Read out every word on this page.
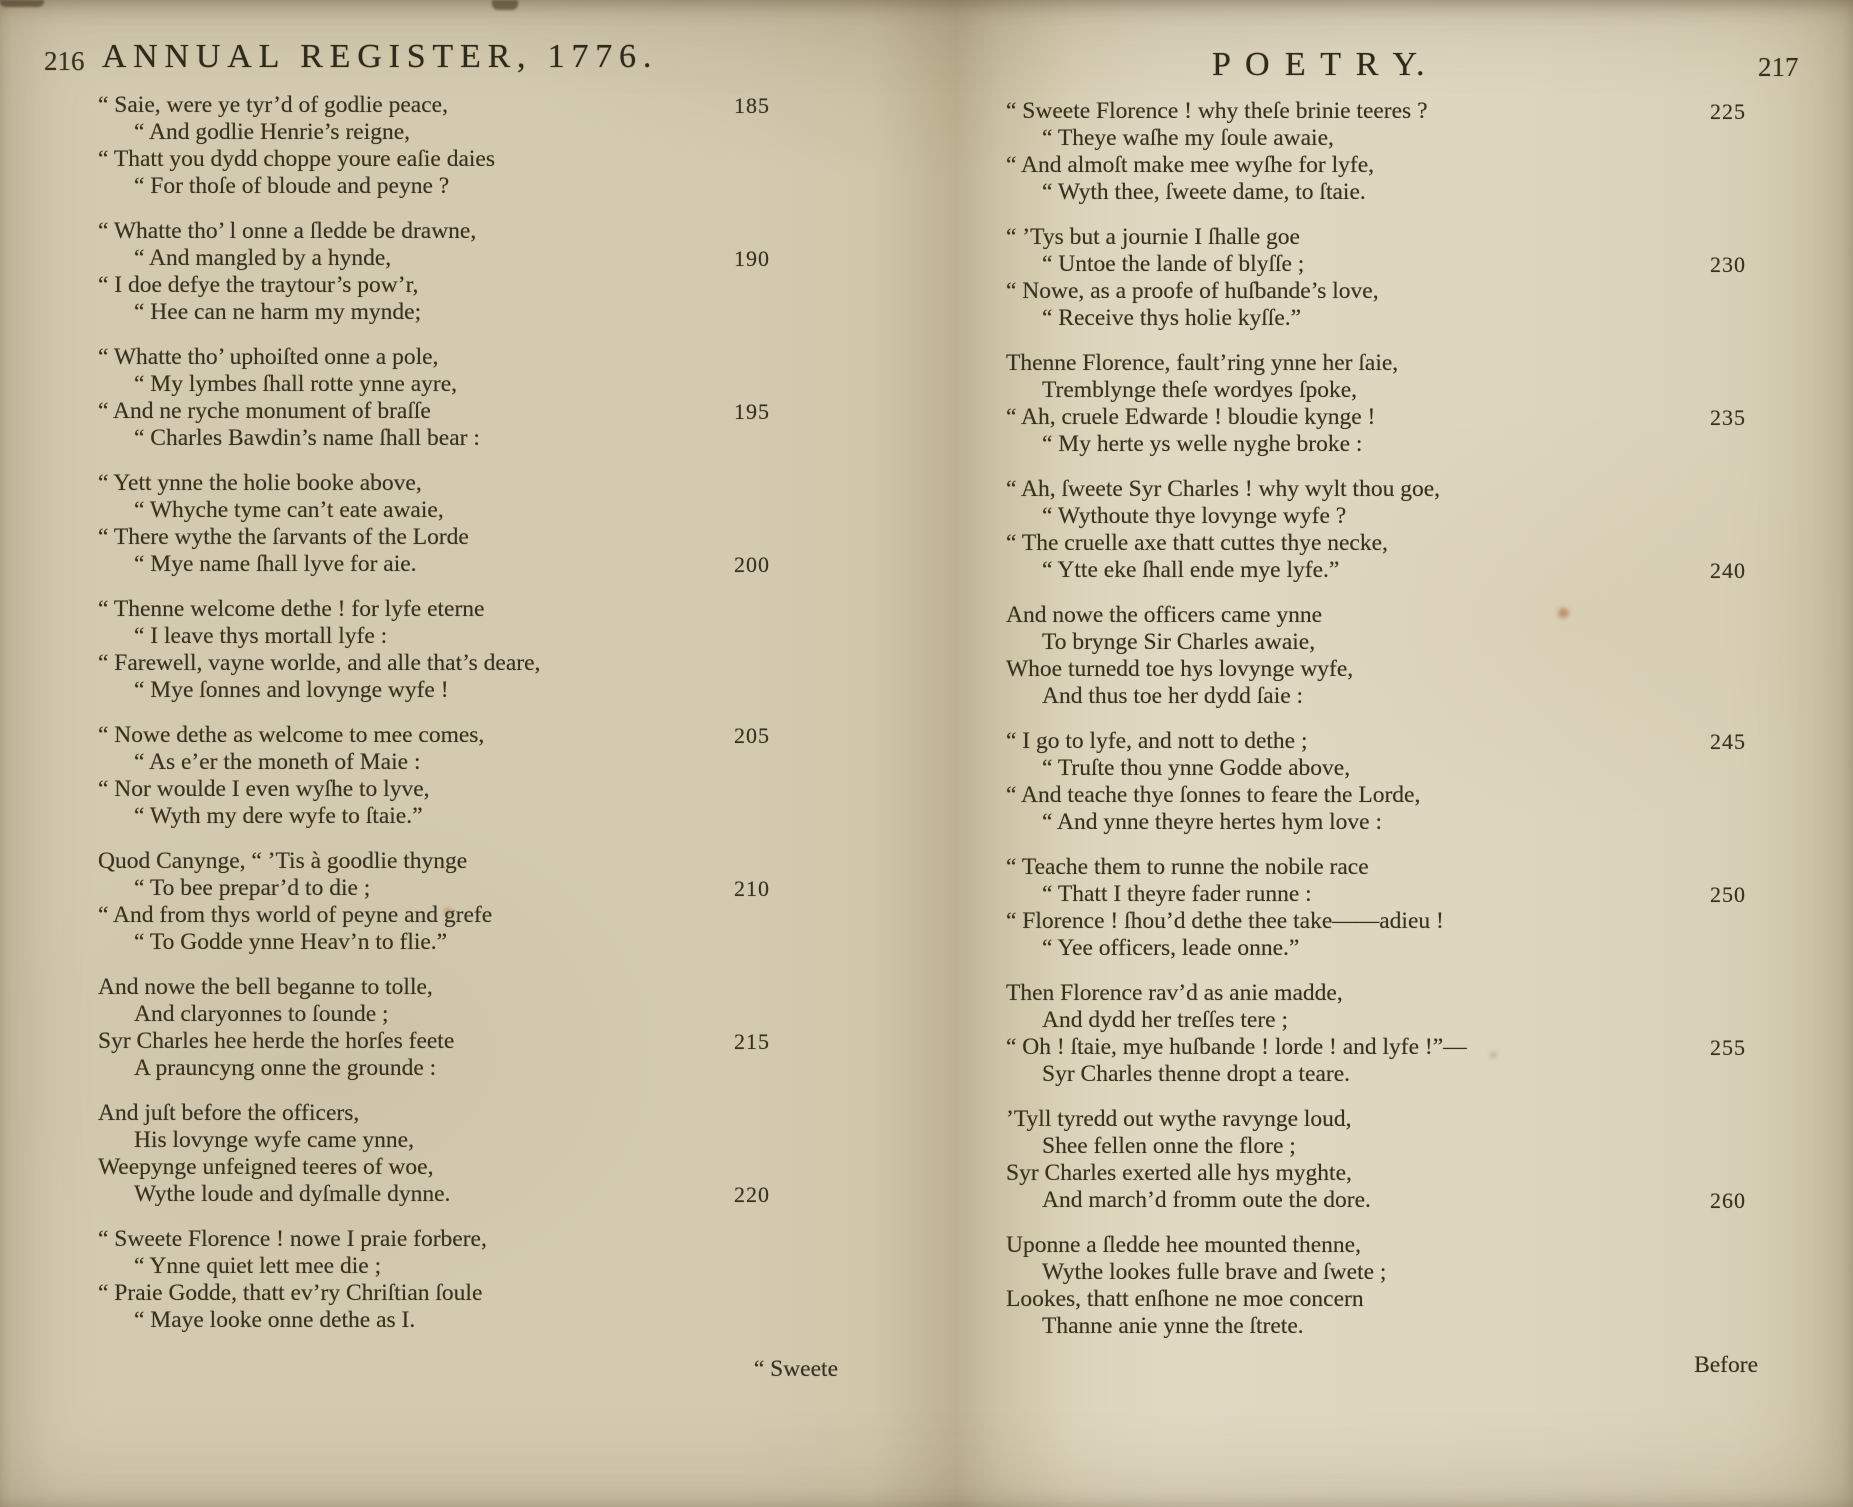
216 ANNUAL REGISTER, 1776.
“ Saie, were ye tyr’d of godlie peace,	185
“ And godlie Henrie’s reigne,
“ Thatt you dydd choppe youre eaſie daies
“ For thoſe of bloude and peyne ?
“ Whatte tho’ l onne a ſledde be drawne,
“ And mangled by a hynde,	190
“ I doe defye the traytour’s pow’r,
“ Hee can ne harm my mynde;
“ Whatte tho’ uphoiſted onne a pole,
“ My lymbes ſhall rotte ynne ayre,
“ And ne ryche monument of braſſe	195
“ Charles Bawdin’s name ſhall bear :
“ Yett ynne the holie booke above,
“ Whyche tyme can’t eate awaie,
“ There wythe the ſarvants of the Lorde
“ Mye name ſhall lyve for aie.	200
“ Thenne welcome dethe ! for lyfe eterne
“ I leave thys mortall lyfe :
“ Farewell, vayne worlde, and alle that’s deare,
“ Mye ſonnes and lovynge wyfe !
“ Nowe dethe as welcome to mee comes,	205
“ As e’er the moneth of Maie :
“ Nor woulde I even wyſhe to lyve,
“ Wyth my dere wyfe to ſtaie.”
Quod Canynge, “ ’Tis à goodlie thynge
“ To bee prepar’d to die ;	210
“ And from thys world of peyne and grefe
“ To Godde ynne Heav’n to flie.”
And nowe the bell beganne to tolle,
And claryonnes to ſounde ;
Syr Charles hee herde the horſes feete	215
A prauncyng onne the grounde :
And juſt before the officers,
His lovynge wyfe came ynne,
Weepynge unfeigned teeres of woe,
Wythe loude and dyſmalle dynne.	220
“ Sweete Florence ! nowe I praie forbere,
“ Ynne quiet lett mee die ;
“ Praie Godde, thatt ev’ry Chriſtian ſoule
“ Maye looke onne dethe as I.
“ Sweete
P O E T R Y.	217
“ Sweete Florence ! why theſe brinie teeres ?	225
“ Theye waſhe my ſoule awaie,
“ And almoſt make mee wyſhe for lyfe,
“ Wyth thee, ſweete dame, to ſtaie.
“ ’Tys but a journie I ſhalle goe
“ Untoe the lande of blyſſe ;	230
“ Nowe, as a proofe of huſbande’s love,
“ Receive thys holie kyſſe.”
Thenne Florence, fault’ring ynne her ſaie,
Tremblynge theſe wordyes ſpoke,
“ Ah, cruele Edwarde ! bloudie kynge !	235
“ My herte ys welle nyghe broke :
“ Ah, ſweete Syr Charles ! why wylt thou goe,
“ Wythoute thye lovynge wyfe ?
“ The cruelle axe thatt cuttes thye necke,
“ Ytte eke ſhall ende mye lyfe.”	240
And nowe the officers came ynne
To brynge Sir Charles awaie,
Whoe turnedd toe hys lovynge wyfe,
And thus toe her dydd ſaie :
“ I go to lyfe, and nott to dethe ;	245
“ Truſte thou ynne Godde above,
“ And teache thye ſonnes to feare the Lorde,
“ And ynne theyre hertes hym love :
“ Teache them to runne the nobile race
“ Thatt I theyre fader runne :	250
“ Florence ! ſhou’d dethe thee take——adieu !
“ Yee officers, leade onne.”
Then Florence rav’d as anie madde,
And dydd her treſſes tere ;
“ Oh ! ſtaie, mye huſbande ! lorde ! and lyfe !”—	255
Syr Charles thenne dropt a teare.
’Tyll tyredd out wythe ravynge loud,
Shee fellen onne the flore ;
Syr Charles exerted alle hys myghte,
And march’d fromm oute the dore.	260
Uponne a ſledde hee mounted thenne,
Wythe lookes fulle brave and ſwete ;
Lookes, thatt enſhone ne moe concern
Thanne anie ynne the ſtrete.
Before
